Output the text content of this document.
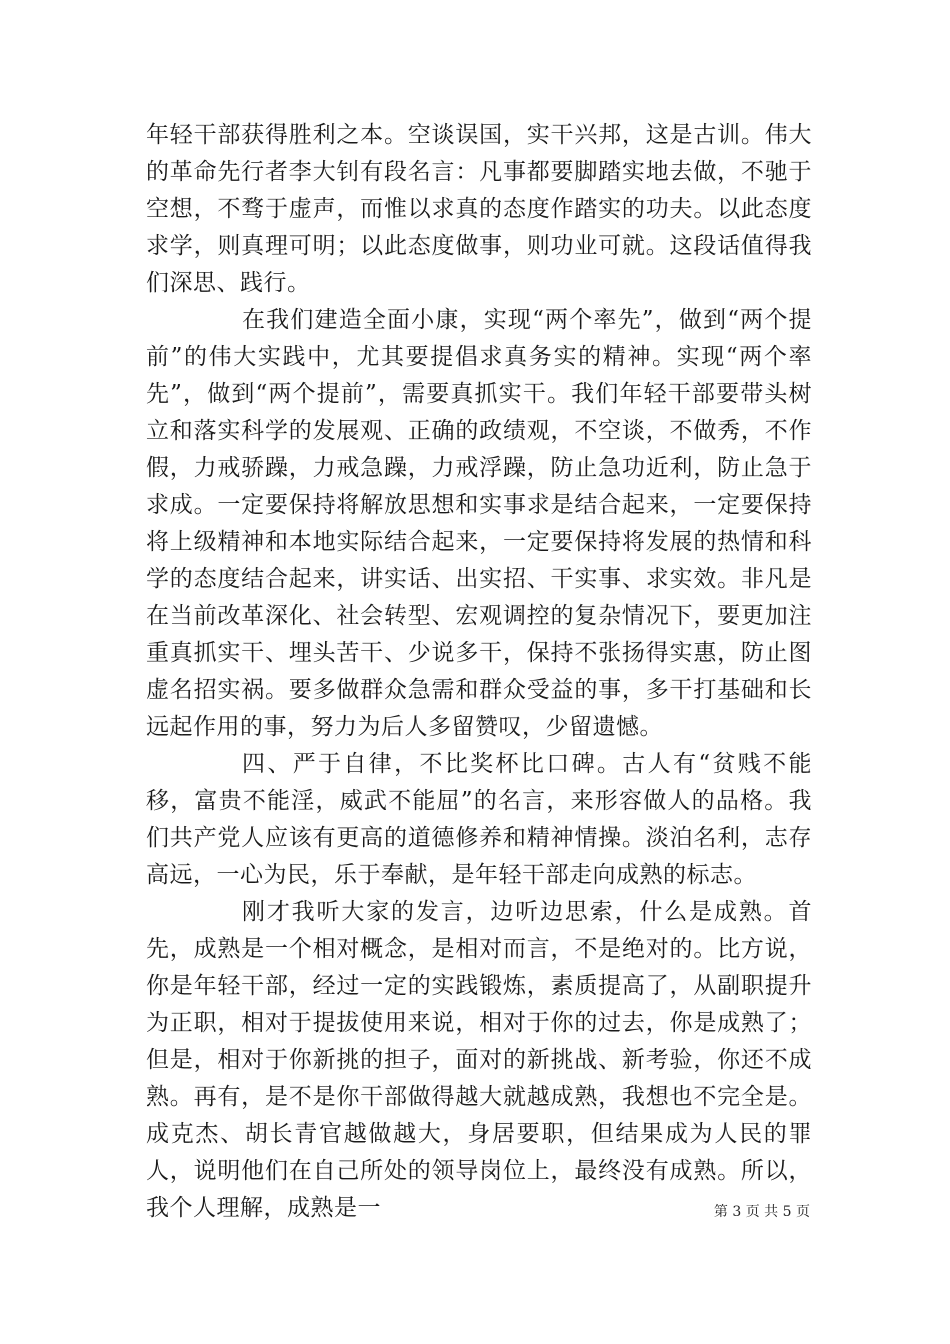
年轻干部获得胜利之本。空谈误国，实干兴邦，这是古训。伟大的革命先行者李大钊有段名言：凡事都要脚踏实地去做，不驰于空想，不骛于虚声，而惟以求真的态度作踏实的功夫。以此态度求学，则真理可明；以此态度做事，则功业可就。这段话值得我们深思、践行。

在我们建造全面小康，实现“两个率先”，做到“两个提前”的伟大实践中，尤其要提倡求真务实的精神。实现“两个率先”，做到“两个提前”，需要真抓实干。我们年轻干部要带头树立和落实科学的发展观、正确的政绩观，不空谈，不做秀，不作假，力戒骄躁，力戒急躁，力戒浮躁，防止急功近利，防止急于求成。一定要保持将解放思想和实事求是结合起来，一定要保持将上级精神和本地实际结合起来，一定要保持将发展的热情和科学的态度结合起来，讲实话、出实招、干实事、求实效。非凡是在当前改革深化、社会转型、宏观调控的复杂情况下，要更加注重真抓实干、埋头苦干、少说多干，保持不张扬得实惠，防止图虚名招实祸。要多做群众急需和群众受益的事，多干打基础和长远起作用的事，努力为后人多留赞叹，少留遗憾。

四、严于自律，不比奖杯比口碑。古人有“贫贱不能移，富贵不能淫，威武不能屈”的名言，来形容做人的品格。我们共产党人应该有更高的道德修养和精神情操。淡泊名利，志存高远，一心为民，乐于奉献，是年轻干部走向成熟的标志。

刚才我听大家的发言，边听边思索，什么是成熟。首先，成熟是一个相对概念，是相对而言，不是绝对的。比方说，你是年轻干部，经过一定的实践锻炼，素质提高了，从副职提升为正职，相对于提拔使用来说，相对于你的过去，你是成熟了；但是，相对于你新挑的担子，面对的新挑战、新考验，你还不成熟。再有，是不是你干部做得越大就越成熟，我想也不完全是。成克杰、胡长青官越做越大，身居要职，但结果成为人民的罪人，说明他们在自己所处的领导岗位上，最终没有成熟。所以，我个人理解，成熟是一	第 3 页 共 5 页
